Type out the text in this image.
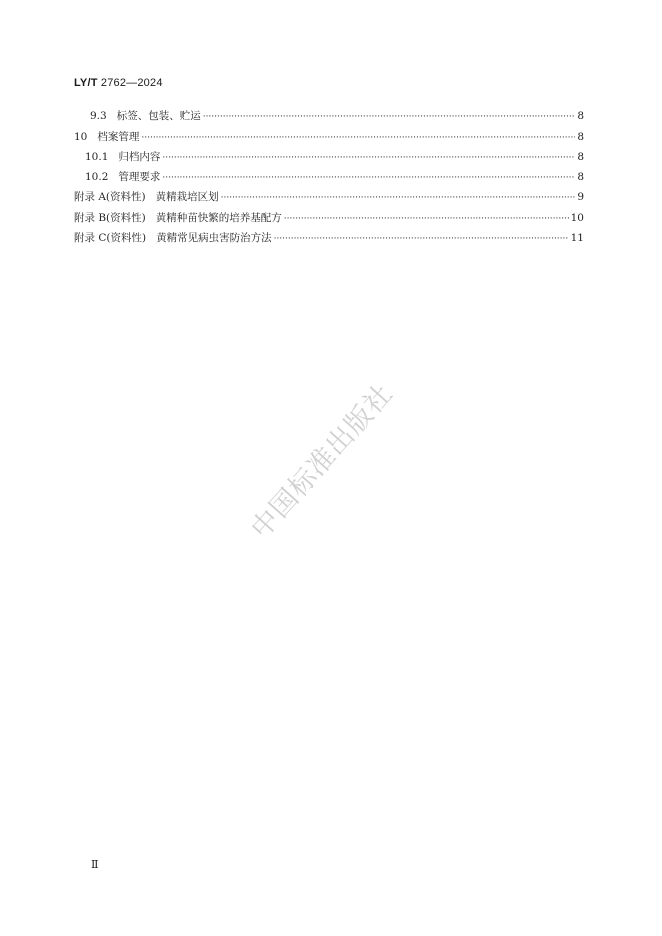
LY/T 2762—2024
9.3 标签、包装、贮运 ·····	8
10 档案管理 ·····	8
10.1 归档内容 ·····	8
10.2 管理要求 ·····	8
附录 A(资料性) 黄精栽培区划 ·····	9
附录 B(资料性) 黄精种苗快繁的培养基配方 ·····	10
附录 C(资料性) 黄精常见病虫害防治方法 ·····	11
中国标准出版社
Ⅱ
